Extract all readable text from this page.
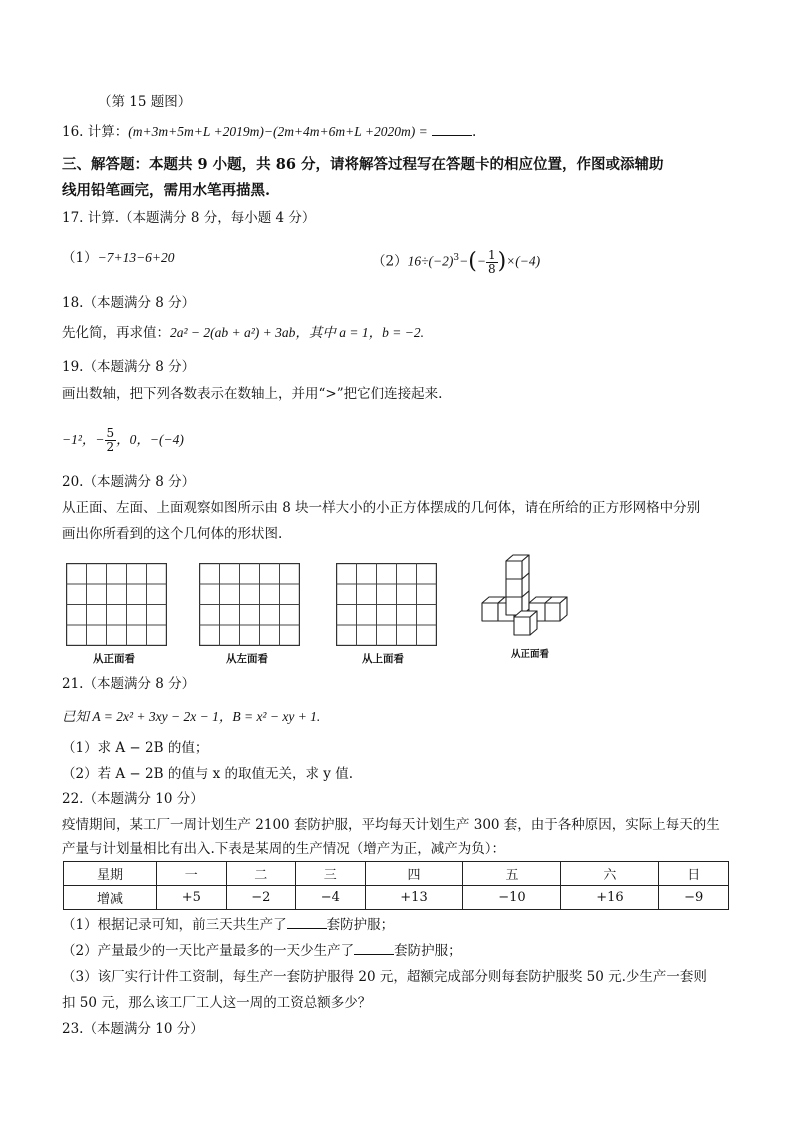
（第 15 题图）
16. 计算：(m+3m+5m+L +2019m)−(2m+4m+6m+L +2020m) =	.
三、解答题：本题共 9 小题，共 86 分，请将解答过程写在答题卡的相应位置，作图或添辅助
线用铅笔画完，需用水笔再描黑.
17. 计算.（本题满分 8 分，每小题 4 分）
（1）−7+13−6+20	$(2)16\div(-2)^3-(- \frac{1}{8} )\times(-4)$
18.（本题满分 8 分）
先化简，再求值：2a² − 2(ab + a²) + 3ab，其中 a = 1，b = −2.
19.（本题满分 8 分）
画出数轴，把下列各数表示在数轴上，并用“>”把它们连接起来.
−1²，− $\frac{5}{2}$ ，0，−(−4)
20.（本题满分 8 分）
从正面、左面、上面观察如图所示由 8 块一样大小的小正方体摆成的几何体，请在所给的正方形网格中分别
画出你所看到的这个几何体的形状图.
从正面看	从左面看	从上面看	从正面看
21.（本题满分 8 分）
已知 A = 2x² + 3xy − 2x − 1，B = x² − xy + 1.
（1）求 A − 2B 的值；
（2）若 A − 2B 的值与 x 的取值无关，求 y 值.
22.（本题满分 10 分）
疫情期间，某工厂一周计划生产 2100 套防护服，平均每天计划生产 300 套，由于各种原因，实际上每天的生
产量与计划量相比有出入.下表是某周的生产情况（增产为正，减产为负）：
星期	一	二	三	四	五	六	日
增减	+5	−2	−4	+13	−10	+16	−9
（1）根据记录可知，前三天共生产了	套防护服；
（2）产量最少的一天比产量最多的一天少生产了	套防护服；
（3）该厂实行计件工资制，每生产一套防护服得 20 元，超额完成部分则每套防护服奖 50 元.少生产一套则
扣 50 元，那么该工厂工人这一周的工资总额多少？
23.（本题满分 10 分）
